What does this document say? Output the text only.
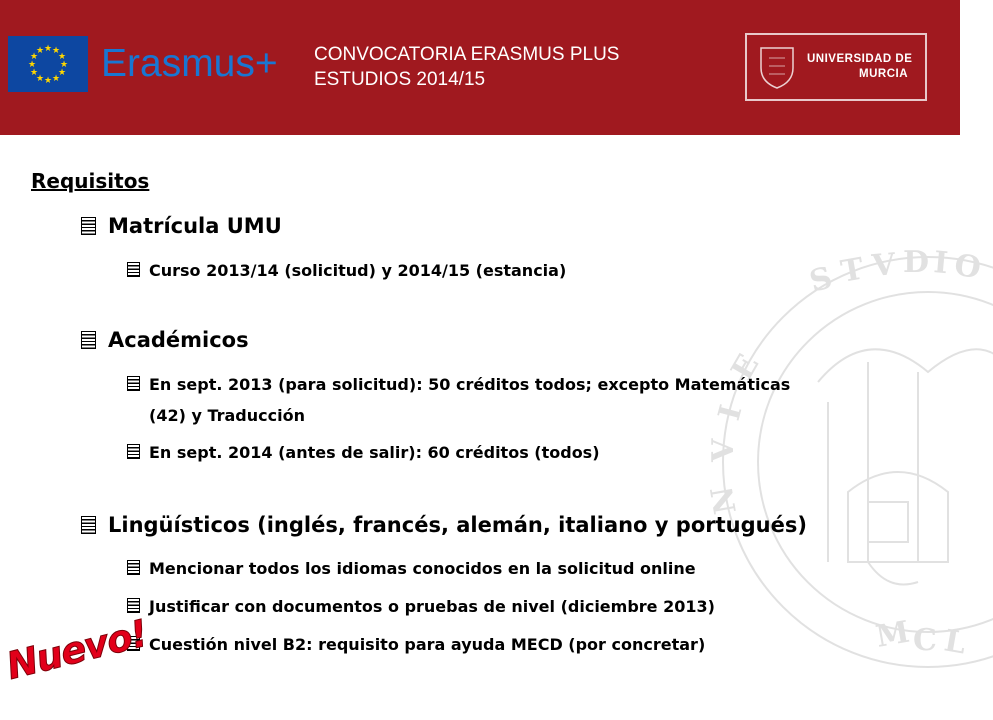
★ ★
★
★
★
★
★
★
★
★
★
★ Erasmus+ CONVOCATORIA ERASMUS PLUS
ESTUDIOS 2014/15
UNIVERSIDAD DE
MURCIA
S T V D I O
E
I
V
N
M C L
Requisitos
Matrícula UMU
Curso 2013/14 (solicitud) y 2014/15 (estancia)
Académicos
En sept. 2013 (para solicitud): 50 créditos todos; excepto Matemáticas
(42) y Traducción
En sept. 2014 (antes de salir): 60 créditos (todos)
Lingüísticos (inglés, francés, alemán, italiano y portugués)
Mencionar todos los idiomas conocidos en la solicitud online
Justificar con documentos o pruebas de nivel (diciembre 2013)
Cuestión nivel B2: requisito para ayuda MECD (por concretar)
Nuevo!
